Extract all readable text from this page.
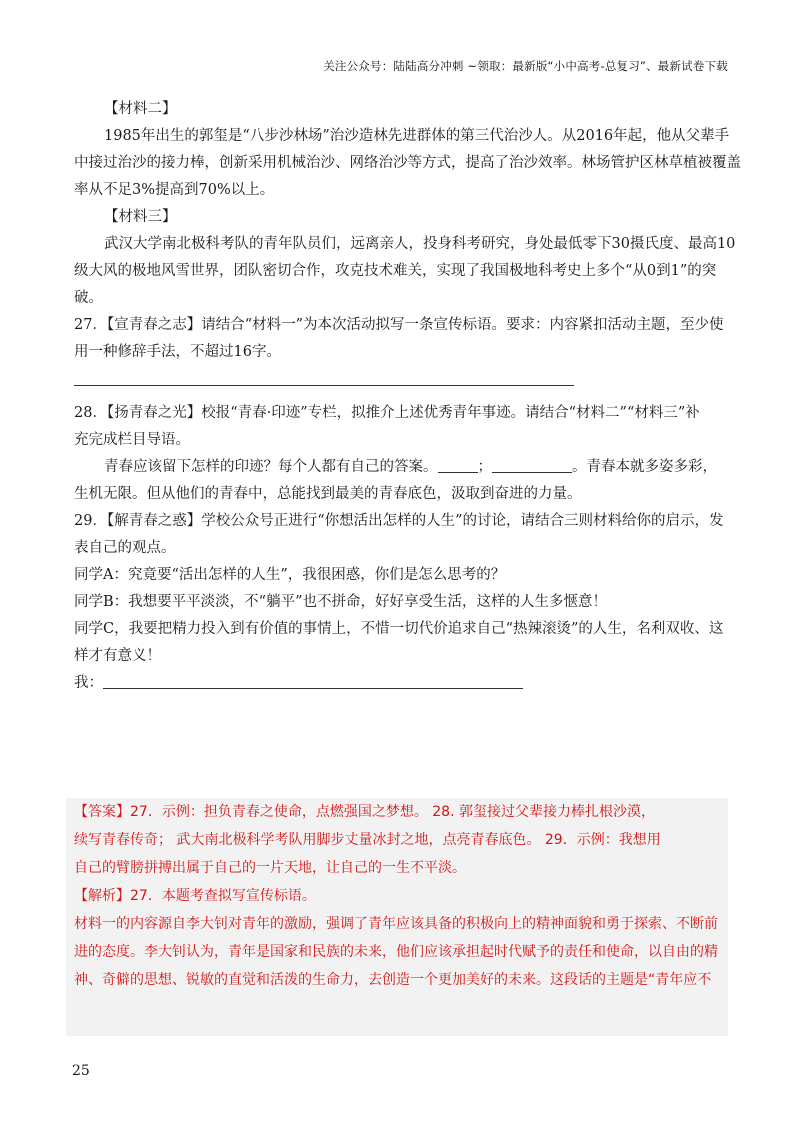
关注公众号：陆陆高分冲刺 ~领取：最新版“小中高考-总复习”、最新试卷下载
【材料二】
1985年出生的郭玺是“八步沙林场”治沙造林先进群体的第三代治沙人。从2016年起，他从父辈手
中接过治沙的接力棒，创新采用机械治沙、网络治沙等方式，提高了治沙效率。林场管护区林草植被覆盖
率从不足3%提高到70%以上。
【材料三】
武汉大学南北极科考队的青年队员们，远离亲人，投身科考研究，身处最低零下30摄氏度、最高10
级大风的极地风雪世界，团队密切合作，攻克技术难关，实现了我国极地科考史上多个“从0到1”的突
破。
27．【宣青春之志】请结合“材料一”为本次活动拟写一条宣传标语。要求：内容紧扣活动主题，至少使
用一种修辞手法，不超过16字。
28．【扬青春之光】校报“青春·印迹”专栏，拟推介上述优秀青年事迹。请结合“材料二”“材料三”补
充完成栏目导语。
青春应该留下怎样的印迹？每个人都有自己的答案。	；	。青春本就多姿多彩，
生机无限。但从他们的青春中，总能找到最美的青春底色，汲取到奋进的力量。
29．【解青春之惑】学校公众号正进行“你想活出怎样的人生”的讨论，请结合三则材料给你的启示，发
表自己的观点。
同学A：究竟要“活出怎样的人生”，我很困惑，你们是怎么思考的？
同学B：我想要平平淡淡，不“躺平”也不拼命，好好享受生活，这样的人生多惬意！
同学C，我要把精力投入到有价值的事情上，不惜一切代价追求自己“热辣滚烫”的人生，名利双收、这
样才有意义！
我：
【答案】27．示例：担负青春之使命，点燃强国之梦想。 28. 郭玺接过父辈接力棒扎根沙漠，
续写青春传奇； 武大南北极科学考队用脚步丈量冰封之地，点亮青春底色。 29．示例：我想用
自己的臂膀拼搏出属于自己的一片天地，让自己的一生不平淡。
【解析】27．本题考查拟写宣传标语。
材料一的内容源自李大钊对青年的激励，强调了青年应该具备的积极向上的精神面貌和勇于探索、不断前
进的态度。李大钊认为，青年是国家和民族的未来，他们应该承担起时代赋予的责任和使命，以自由的精
神、奇僻的思想、锐敏的直觉和活泼的生命力，去创造一个更加美好的未来。这段话的主题是“青年应不
25
